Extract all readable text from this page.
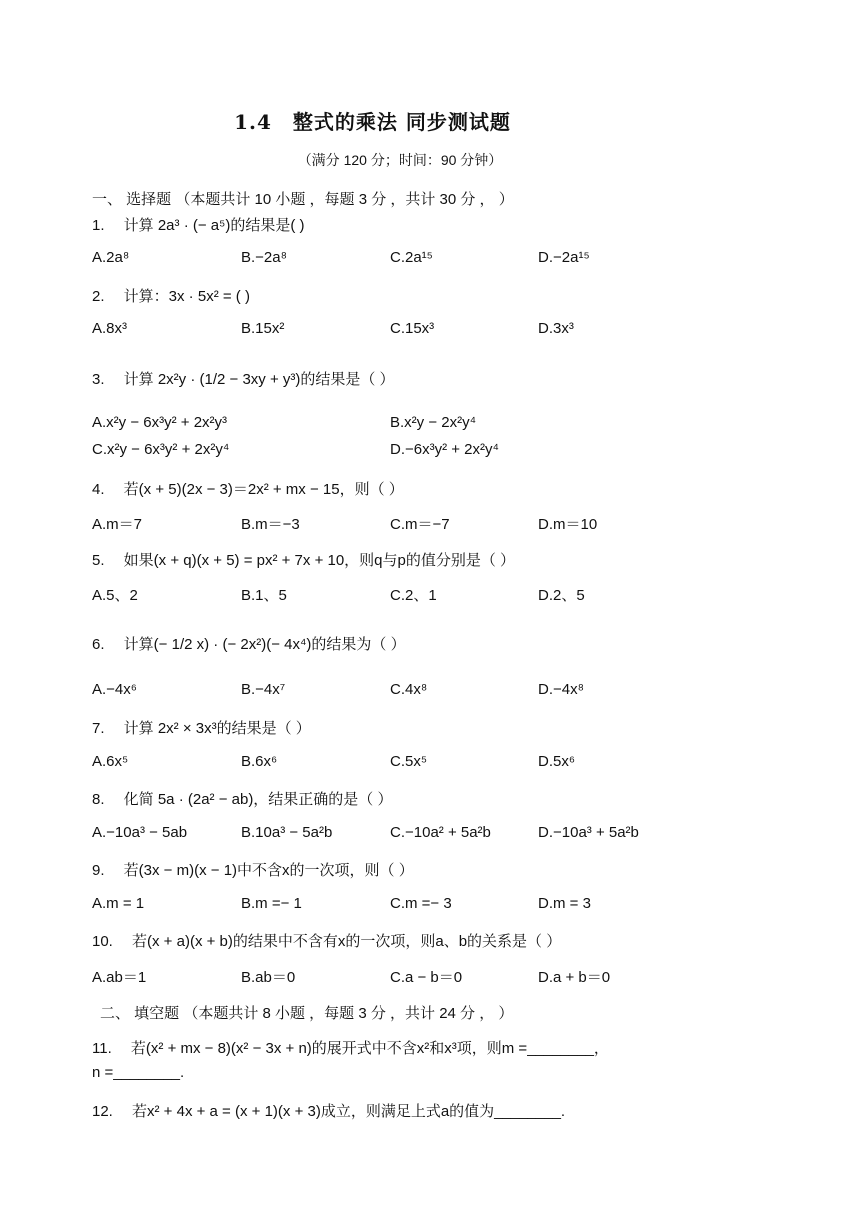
1.4　整式的乘法 同步测试题
（满分 120 分；时间：90 分钟）
一、 选择题 （本题共计 10 小题 ，每题 3 分 ，共计 30 分 ， ）
1.　 计算 2a³ · (− a⁵)的结果是( )
A.2a⁸	B.−2a⁸	C.2a¹⁵	D.−2a¹⁵
2.　 计算：3x · 5x² = ( )
A.8x³	B.15x²	C.15x³	D.3x³
3.　 计算 2x²y · (1/2 − 3xy + y³)的结果是（ ）
A.x²y − 6x³y² + 2x²y³	B.x²y − 2x²y⁴
C.x²y − 6x³y² + 2x²y⁴	D.−6x³y² + 2x²y⁴
4.　 若(x + 5)(2x − 3)＝2x² + mx − 15，则（ ）
A.m＝7	B.m＝−3	C.m＝−7	D.m＝10
5.　 如果(x + q)(x + 5) = px² + 7x + 10，则q与p的值分别是（ ）
A.5、2	B.1、5	C.2、1	D.2、5
6.　 计算(− 1/2 x) · (− 2x²)(− 4x⁴)的结果为（ ）
A.−4x⁶	B.−4x⁷	C.4x⁸	D.−4x⁸
7.　 计算 2x² × 3x³的结果是（ ）
A.6x⁵	B.6x⁶	C.5x⁵	D.5x⁶
8.　 化简 5a · (2a² − ab)，结果正确的是（ ）
A.−10a³ − 5ab	B.10a³ − 5a²b	C.−10a² + 5a²b	D.−10a³ + 5a²b
9.　 若(3x − m)(x − 1)中不含x的一次项，则（ ）
A.m = 1	B.m =− 1	C.m =− 3	D.m = 3
10.　 若(x + a)(x + b)的结果中不含有x的一次项，则a、b的关系是（ ）
A.ab＝1	B.ab＝0	C.a − b＝0	D.a + b＝0
二、 填空题 （本题共计 8 小题 ，每题 3 分 ，共计 24 分 ， ）
11.　 若(x² + mx − 8)(x² − 3x + n)的展开式中不含x²和x³项，则m =________，
n =________.
12.　 若x² + 4x + a = (x + 1)(x + 3)成立，则满足上式a的值为________.
